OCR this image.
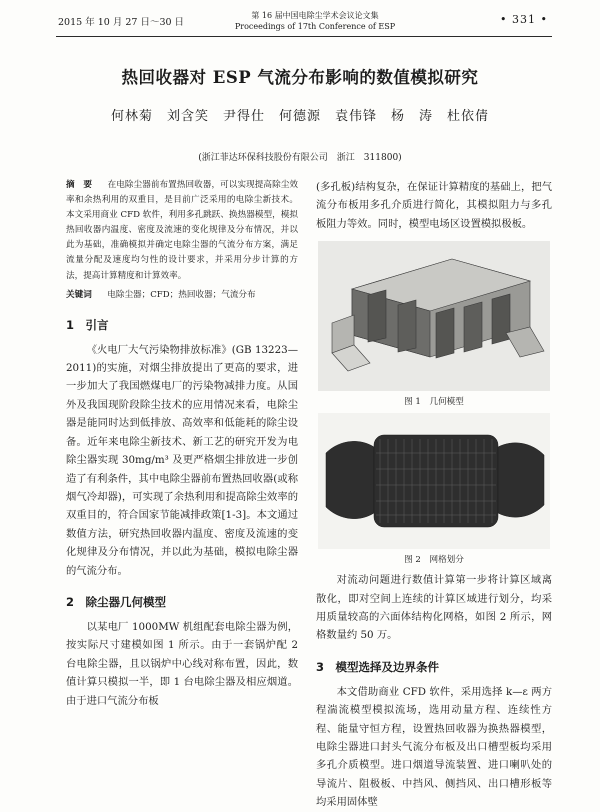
2015 年 10 月 27 日～30 日
第 16 届中国电除尘学术会议论文集
Proceedings of 17th Conference of ESP
• 331 •
热回收器对 ESP 气流分布影响的数值模拟研究
何林菊　刘含笑　尹得仕　何德源　袁伟锋　杨　涛　杜依倩
(浙江菲达环保科技股份有限公司　浙江　311800)

摘　要 在电除尘器前布置热回收器，可以实现提高除尘效率和余热利用的双重目，是目前广泛采用的电除尘新技术。本文采用商业 CFD 软件，利用多孔跳跃、换热器模型，模拟热回收器内温度、密度及流速的变化规律及分布情况，并以此为基础，准确模拟并确定电除尘器的气流分布方案，满足流量分配及速度均匀性的设计要求，并采用分步计算的方法，提高计算精度和计算效率。

关键词 电除尘器；CFD；热回收器；气流分布

1　引言

《火电厂大气污染物排放标准》(GB 13223—2011)的实施，对烟尘排放提出了更高的要求，进一步加大了我国燃煤电厂的污染物减排力度。从国外及我国现阶段除尘技术的应用情况来看，电除尘器是能同时达到低排放、高效率和低能耗的除尘设备。近年来电除尘新技术、新工艺的研究开发为电除尘器实现 30mg/m³ 及更严格烟尘排放进一步创造了有利条件，其中电除尘器前布置热回收器(或称烟气冷却器)，可实现了余热利用和提高除尘效率的双重目的，符合国家节能减排政策[1-3]。本文通过数值方法，研究热回收器内温度、密度及流速的变化规律及分布情况，并以此为基础，模拟电除尘器的气流分布。

2　除尘器几何模型

以某电厂 1000MW 机组配套电除尘器为例，按实际尺寸建模如图 1 所示。由于一套锅炉配 2 台电除尘器，且以锅炉中心线对称布置，因此，数值计算只模拟一半，即 1 台电除尘器及相应烟道。由于进口气流分布板

(多孔板)结构复杂，在保证计算精度的基础上，把气流分布板用多孔介质进行简化，其模拟阻力与多孔板阻力等效。同时，模型电场区设置模拟极板。

图 1　几何模型
图 2　网格划分

对流动问题进行数值计算第一步将计算区域离散化，即对空间上连续的计算区域进行划分，均采用质量较高的六面体结构化网格，如图 2 所示，网格数量约 50 万。

3　模型选择及边界条件

本文借助商业 CFD 软件，采用选择 k—ε 两方程湍流模型模拟流场，选用动量方程、连续性方程、能量守恒方程，设置热回收器为换热器模型，电除尘器进口封头气流分布板及出口槽型板均采用多孔介质模型。进口烟道导流装置、进口喇叭处的导流片、阻极板、中挡风、侧挡风、出口槽形板等均采用固体壁
